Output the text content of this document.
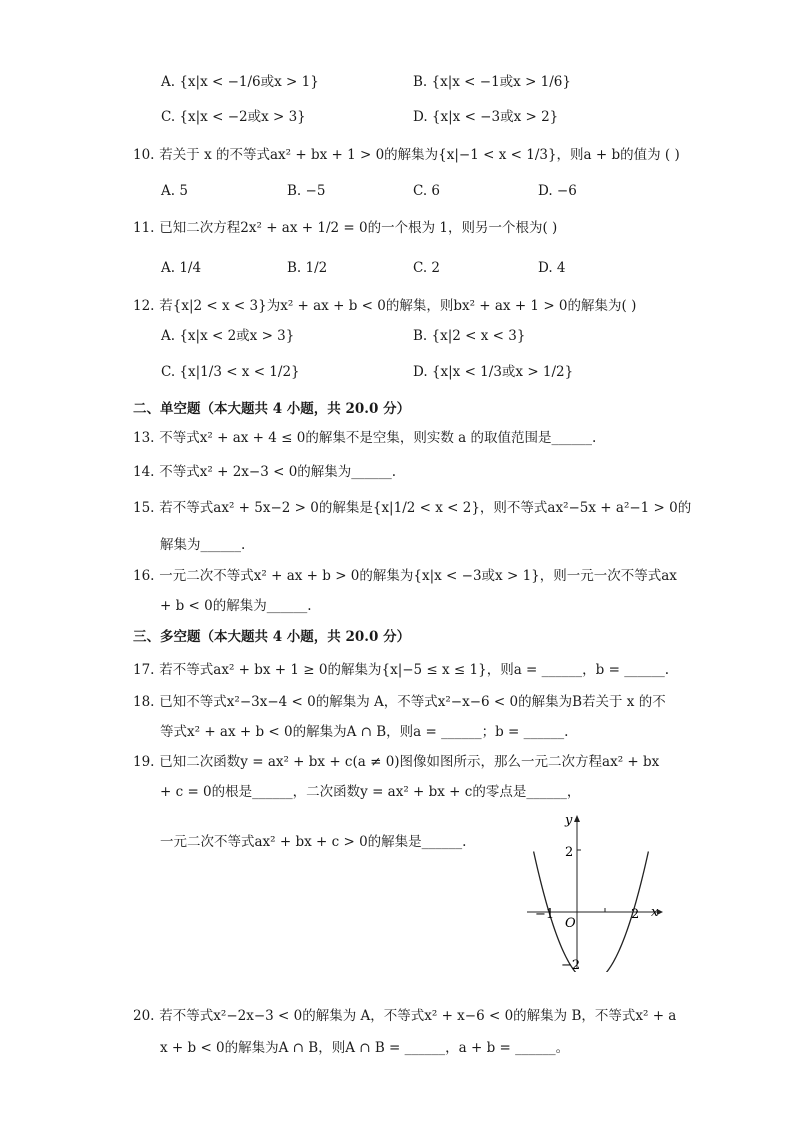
A. {x|x < −1/6或x > 1}	B. {x|x < −1或x > 1/6}
C. {x|x < −2或x > 3}	D. {x|x < −3或x > 2}
10. 若关于 x 的不等式ax² + bx + 1 > 0的解集为{x|−1 < x < 1/3}，则a + b的值为 ( )
A. 5	B. −5	C. 6	D. −6
11. 已知二次方程2x² + ax + 1/2 = 0的一个根为 1，则另一个根为( )
A. 1/4	B. 1/2	C. 2	D. 4
12. 若{x|2 < x < 3}为x² + ax + b < 0的解集，则bx² + ax + 1 > 0的解集为( )
A. {x|x < 2或x > 3}	B. {x|2 < x < 3}
C. {x|1/3 < x < 1/2}	D. {x|x < 1/3或x > 1/2}
二、单空题（本大题共 4 小题，共 20.0 分）
13. 不等式x² + ax + 4 ≤ 0的解集不是空集，则实数 a 的取值范围是______.
14. 不等式x² + 2x−3 < 0的解集为______.
15. 若不等式ax² + 5x−2 > 0的解集是{x|1/2 < x < 2}，则不等式ax²−5x + a²−1 > 0的
解集为______.
16. 一元二次不等式x² + ax + b > 0的解集为{x|x < −3或x > 1}，则一元一次不等式ax
+ b < 0的解集为______.
三、多空题（本大题共 4 小题，共 20.0 分）
17. 若不等式ax² + bx + 1 ≥ 0的解集为{x|−5 ≤ x ≤ 1}，则a = ______，b = ______.
18. 已知不等式x²−3x−4 < 0的解集为 A，不等式x²−x−6 < 0的解集为B若关于 x 的不
等式x² + ax + b < 0的解集为A ∩ B，则a = ______；b = ______.
19. 已知二次函数y = ax² + bx + c(a ≠ 0)图像如图所示，那么一元二次方程ax² + bx
+ c = 0的根是______，二次函数y = ax² + bx + c的零点是______，
一元二次不等式ax² + bx + c > 0的解集是______.
y
x
O
2
−2
−1	2
20. 若不等式x²−2x−3 < 0的解集为 A，不等式x² + x−6 < 0的解集为 B，不等式x² + a
x + b < 0的解集为A ∩ B，则A ∩ B = ______，a + b = ______。
